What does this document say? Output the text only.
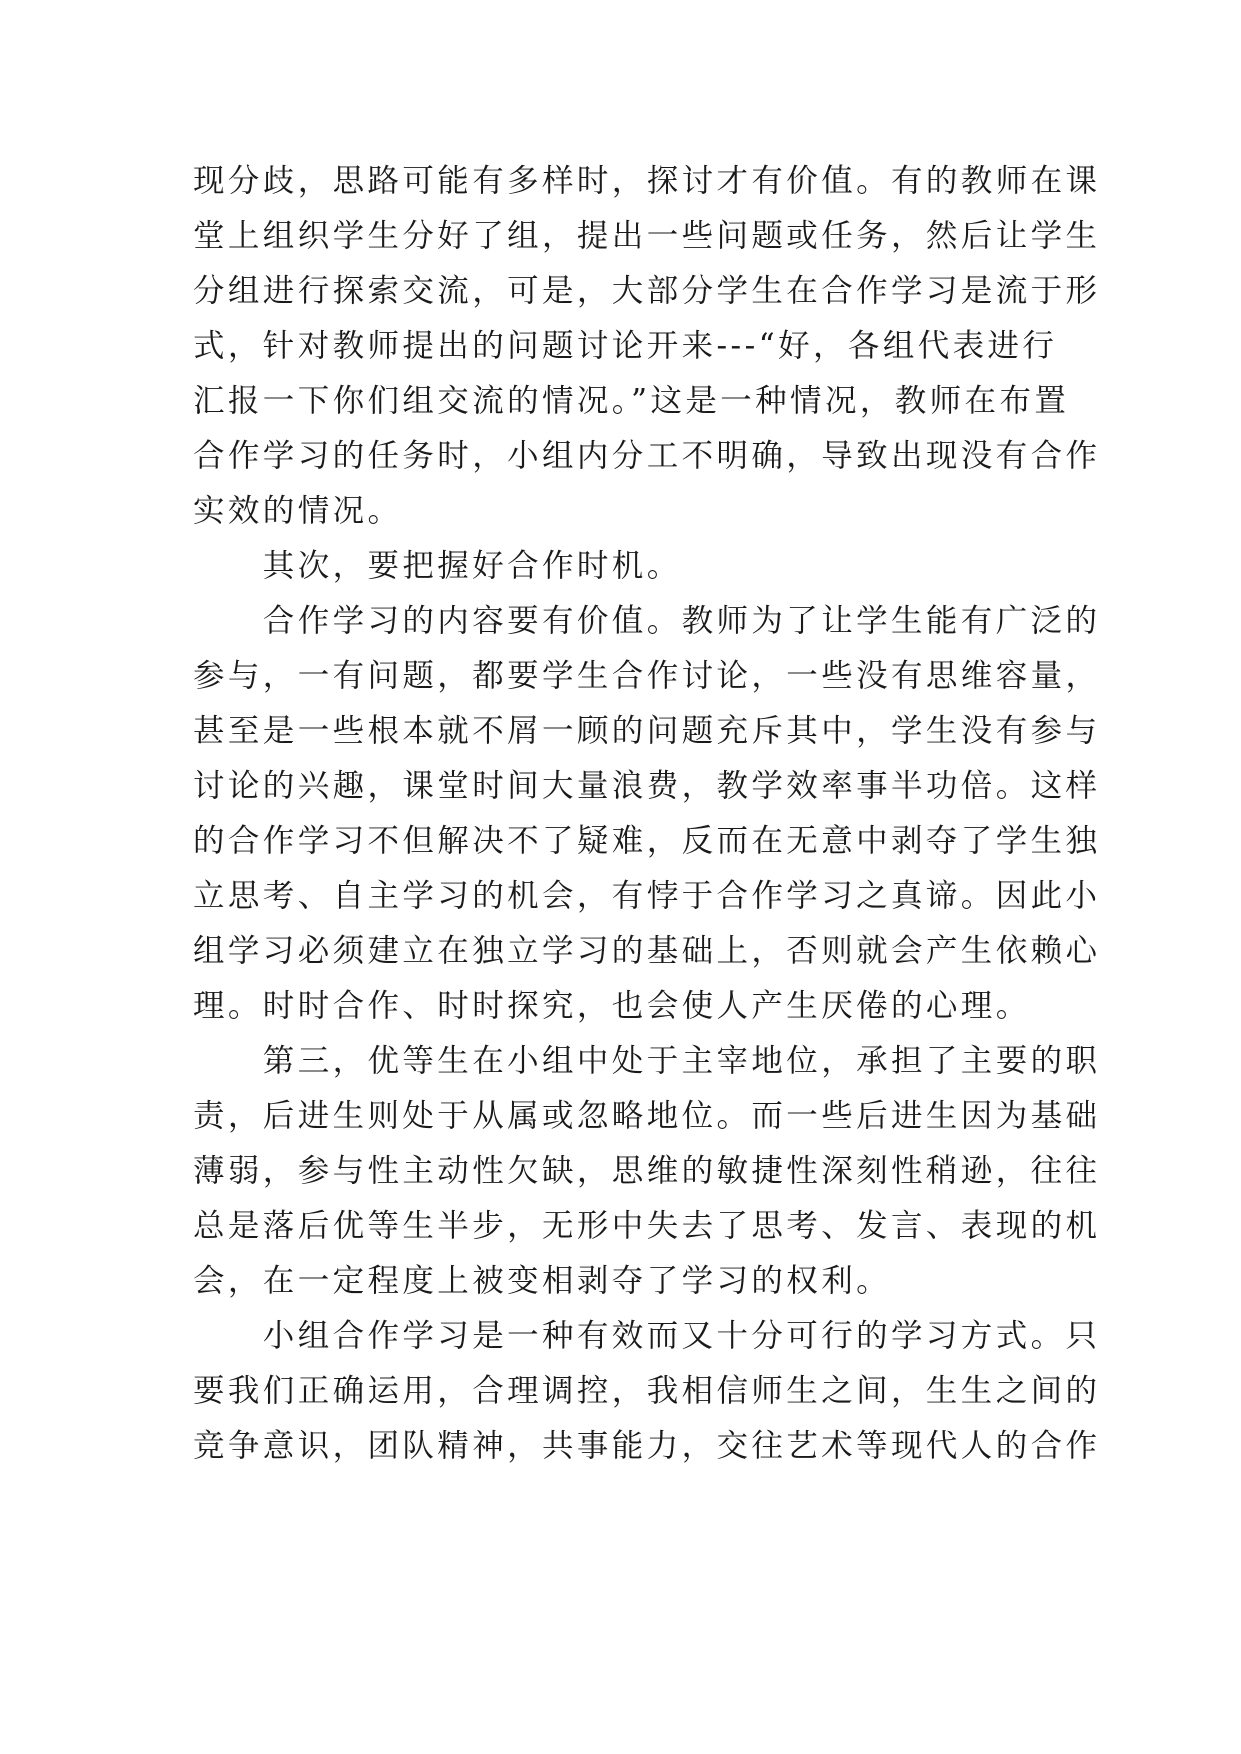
现分歧，思路可能有多样时，探讨才有价值。有的教师在课
堂上组织学生分好了组，提出一些问题或任务，然后让学生
分组进行探索交流，可是，大部分学生在合作学习是流于形
式，针对教师提出的问题讨论开来---“好，各组代表进行
汇报一下你们组交流的情况。”这是一种情况，教师在布置
合作学习的任务时，小组内分工不明确，导致出现没有合作
实效的情况。
　　其次，要把握好合作时机。
　　合作学习的内容要有价值。教师为了让学生能有广泛的
参与，一有问题，都要学生合作讨论，一些没有思维容量，
甚至是一些根本就不屑一顾的问题充斥其中，学生没有参与
讨论的兴趣，课堂时间大量浪费，教学效率事半功倍。这样
的合作学习不但解决不了疑难，反而在无意中剥夺了学生独
立思考、自主学习的机会，有悖于合作学习之真谛。因此小
组学习必须建立在独立学习的基础上，否则就会产生依赖心
理。时时合作、时时探究，也会使人产生厌倦的心理。
　　第三，优等生在小组中处于主宰地位，承担了主要的职
责，后进生则处于从属或忽略地位。而一些后进生因为基础
薄弱，参与性主动性欠缺，思维的敏捷性深刻性稍逊，往往
总是落后优等生半步，无形中失去了思考、发言、表现的机
会，在一定程度上被变相剥夺了学习的权利。
　　小组合作学习是一种有效而又十分可行的学习方式。只
要我们正确运用，合理调控，我相信师生之间，生生之间的
竞争意识，团队精神，共事能力，交往艺术等现代人的合作
